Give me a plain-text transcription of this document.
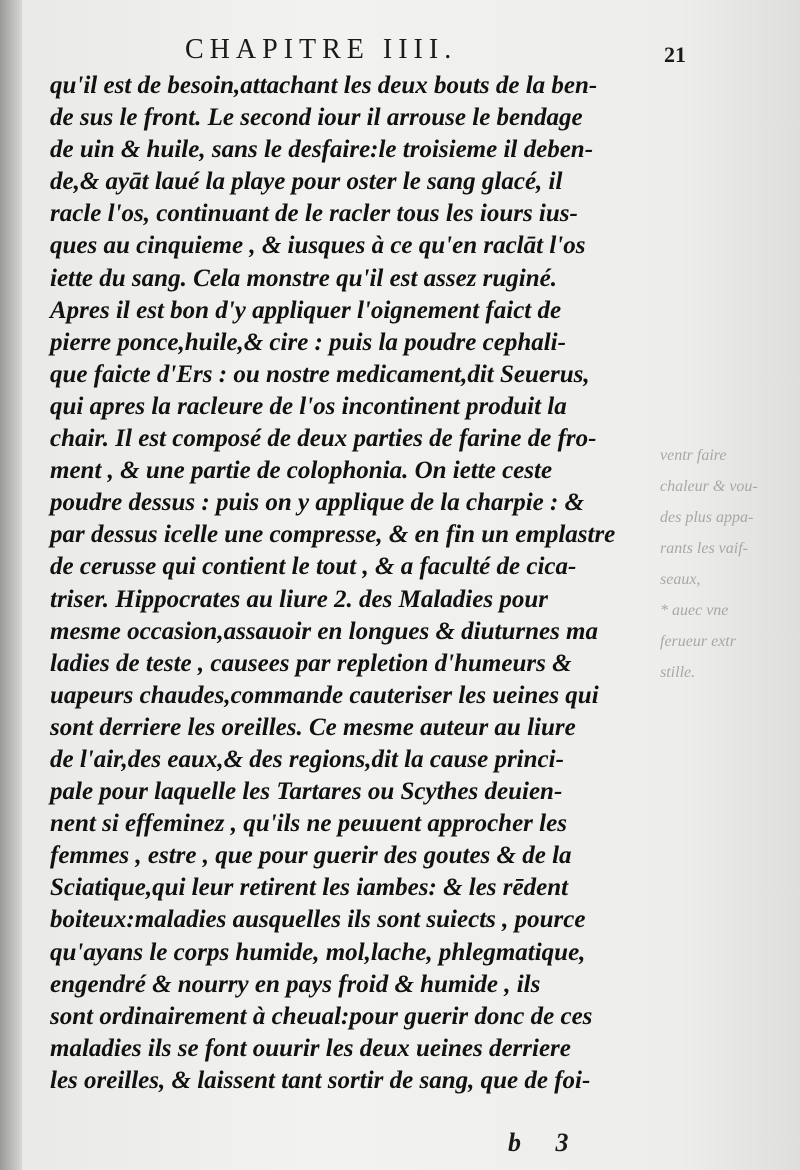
CHAPITRE IIII.	21
qu'il est de besoin,attachant les deux bouts de la ben-
de sus le front. Le second iour il arrouse le bendage
de uin & huile, sans le desfaire:le troisieme il deben-
de,& ayāt laué la playe pour oster le sang glacé, il
racle l'os, continuant de le racler tous les iours ius-
ques au cinquieme , & iusques à ce qu'en raclāt l'os
iette du sang. Cela monstre qu'il est assez ruginé.
Apres il est bon d'y appliquer l'oignement faict de
pierre ponce,huile,& cire : puis la poudre cephali-
que faicte d'Ers : ou nostre medicament,dit Seuerus,
qui apres la racleure de l'os incontinent produit la
chair. Il est composé de deux parties de farine de fro-
ment , & une partie de colophonia. On iette ceste
poudre dessus : puis on y applique de la charpie : &
par dessus icelle une compresse, & en fin un emplastre
de cerusse qui contient le tout , & a faculté de cica-
triser. Hippocrates au liure 2. des Maladies pour
mesme occasion,assauoir en longues & diuturnes ma
ladies de teste , causees par repletion d'humeurs &
uapeurs chaudes,commande cauteriser les ueines qui
sont derriere les oreilles. Ce mesme auteur au liure
de l'air,des eaux,& des regions,dit la cause princi-
pale pour laquelle les Tartares ou Scythes deuien-
nent si effeminez , qu'ils ne peuuent approcher les
femmes , estre , que pour guerir des goutes & de la
Sciatique,qui leur retirent les iambes: & les rēdent
boiteux:maladies ausquelles ils sont suiects , pource
qu'ayans le corps humide, mol,lache, phlegmatique,
engendré & nourry en pays froid & humide , ils
sont ordinairement à cheual:pour guerir donc de ces
maladies ils se font ouurir les deux ueines derriere
les oreilles, & laissent tant sortir de sang, que de foi-
ventr faire
chaleur & vou-
des plus appa-
rants les vaif-
seaux,
* auec vne
ferueur extr
stille.
b 3
